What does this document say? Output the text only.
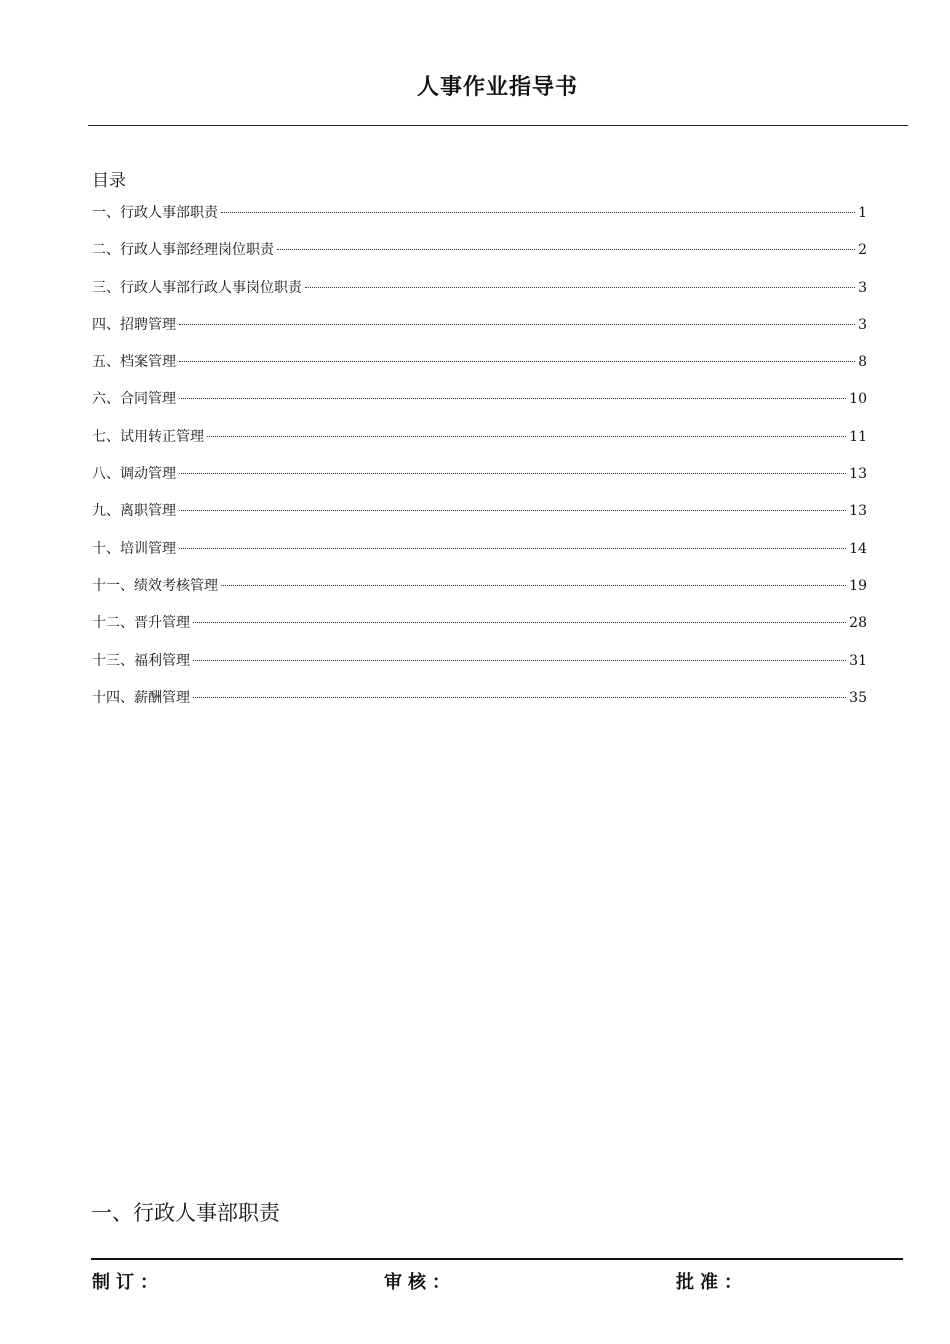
人事作业指导书
目录
一、行政人事部职责	1
二、行政人事部经理岗位职责	2
三、行政人事部行政人事岗位职责	3
四、招聘管理	3
五、档案管理	8
六、合同管理	10
七、试用转正管理	11
八、调动管理	13
九、离职管理	13
十、培训管理	14
十一、绩效考核管理	19
十二、晋升管理	28
十三、福利管理	31
十四、薪酬管理	35
一、行政人事部职责
制订：	审核：	批准：
